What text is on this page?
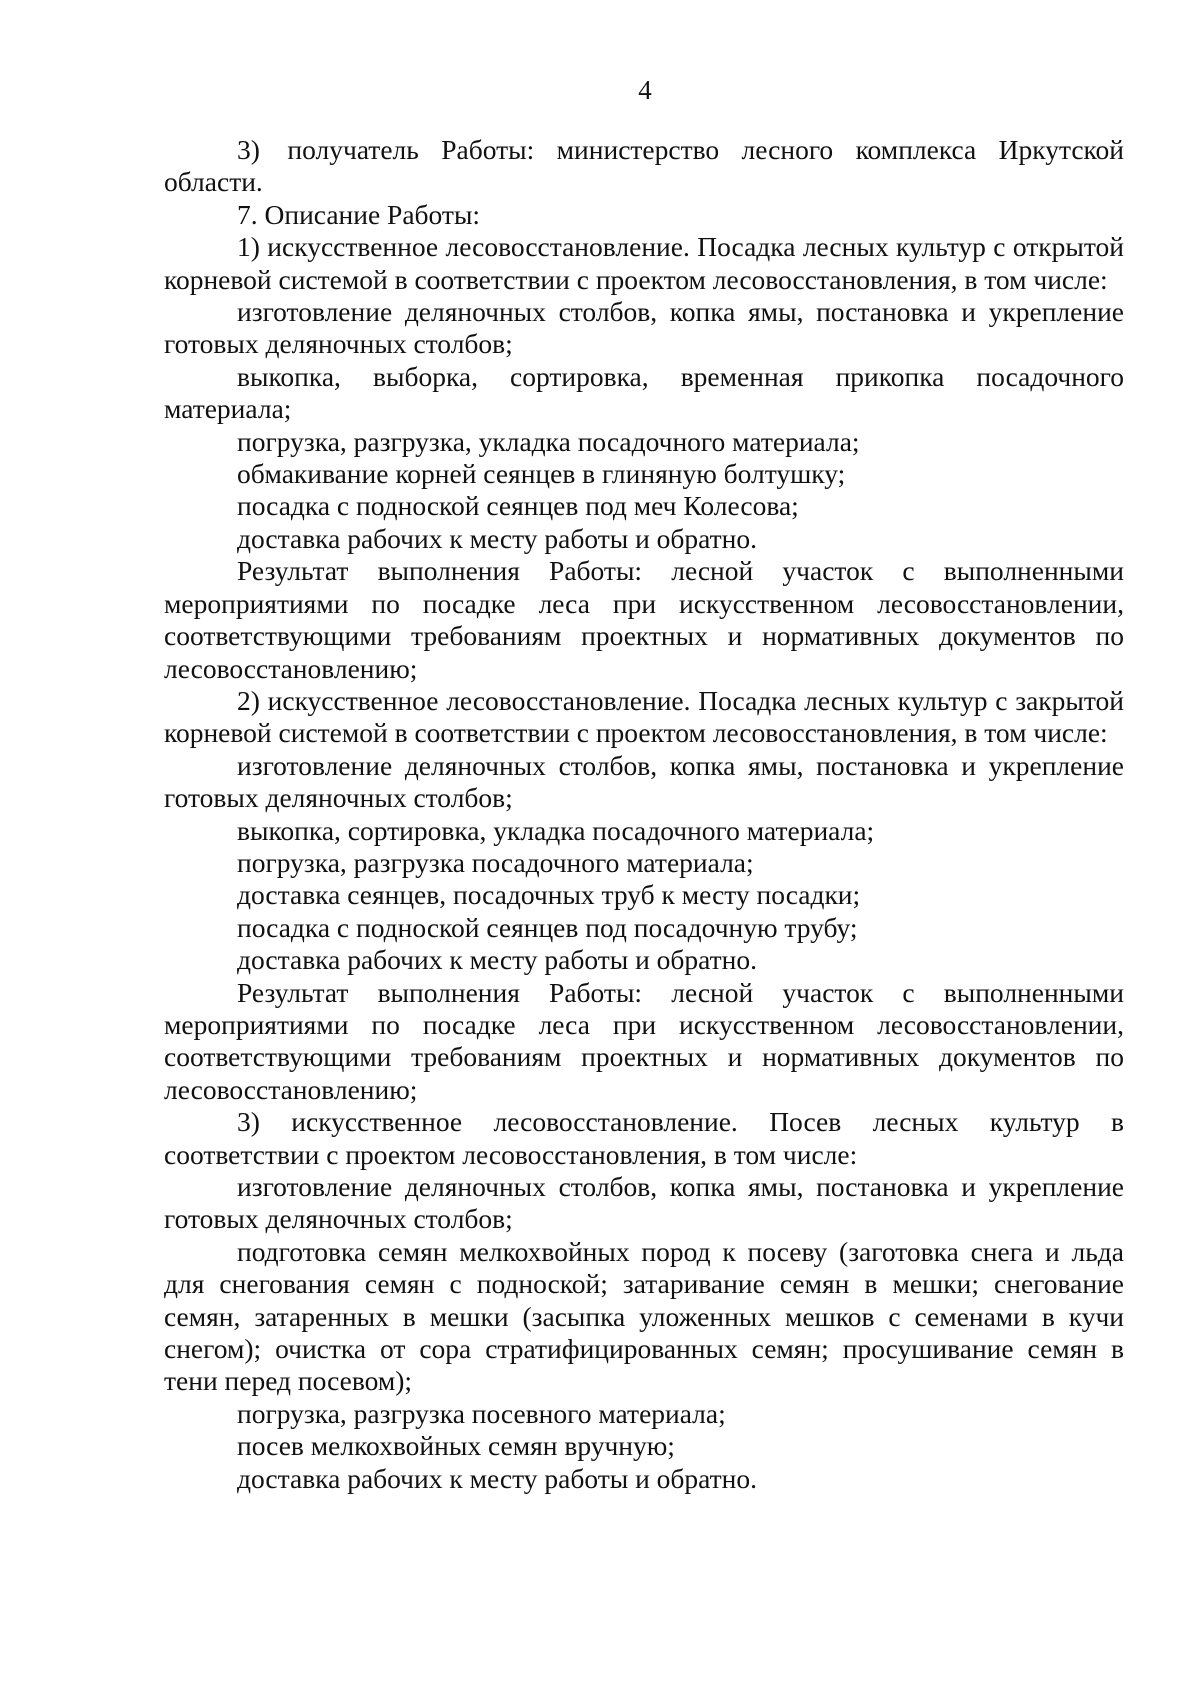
4

3) получатель Работы: министерство лесного комплекса Иркутской области.

7. Описание Работы:

1) искусственное лесовосстановление. Посадка лесных культур с открытой корневой системой в соответствии с проектом лесовосстановления, в том числе:

изготовление деляночных столбов, копка ямы, постановка и укрепление готовых деляночных столбов;

выкопка, выборка, сортировка, временная прикопка посадочного материала;

погрузка, разгрузка, укладка посадочного материала;

обмакивание корней сеянцев в глиняную болтушку;

посадка с подноской сеянцев под меч Колесова;

доставка рабочих к месту работы и обратно.

Результат выполнения Работы: лесной участок с выполненными мероприятиями по посадке леса при искусственном лесовосстановлении, соответствующими требованиям проектных и нормативных документов по лесовосстановлению;

2) искусственное лесовосстановление. Посадка лесных культур с закрытой корневой системой в соответствии с проектом лесовосстановления, в том числе:

изготовление деляночных столбов, копка ямы, постановка и укрепление готовых деляночных столбов;

выкопка, сортировка, укладка посадочного материала;

погрузка, разгрузка посадочного материала;

доставка сеянцев, посадочных труб к месту посадки;

посадка с подноской сеянцев под посадочную трубу;

доставка рабочих к месту работы и обратно.

Результат выполнения Работы: лесной участок с выполненными мероприятиями по посадке леса при искусственном лесовосстановлении, соответствующими требованиям проектных и нормативных документов по лесовосстановлению;

3) искусственное лесовосстановление. Посев лесных культур в соответствии с проектом лесовосстановления, в том числе:

изготовление деляночных столбов, копка ямы, постановка и укрепление готовых деляночных столбов;

подготовка семян мелкохвойных пород к посеву (заготовка снега и льда для снегования семян с подноской; затаривание семян в мешки; снегование семян, затаренных в мешки (засыпка уложенных мешков с семенами в кучи снегом); очистка от сора стратифицированных семян; просушивание семян в тени перед посевом);

погрузка, разгрузка посевного материала;

посев мелкохвойных семян вручную;

доставка рабочих к месту работы и обратно.
